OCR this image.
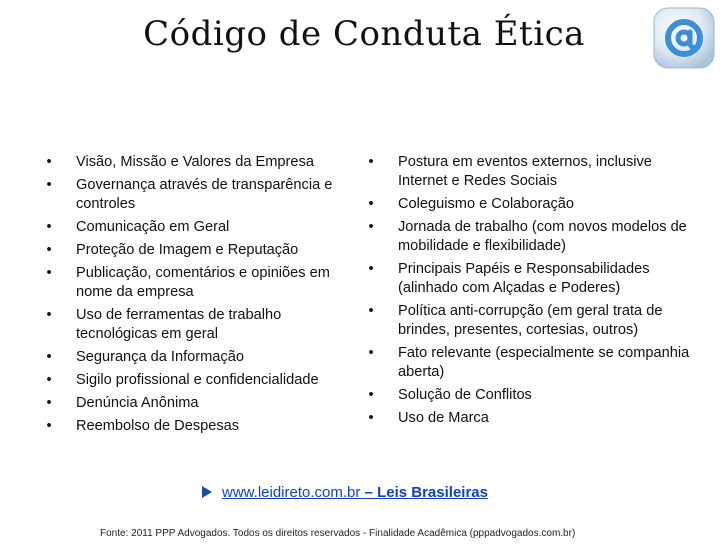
Código de Conduta Ética
•	Visão, Missão e Valores da Empresa
•	Governança através de transparência e controles
•	Comunicação em Geral
•	Proteção de Imagem e Reputação
•	Publicação, comentários e opiniões em nome da empresa
•	Uso de ferramentas de trabalho tecnológicas em geral
•	Segurança da Informação
•	Sigilo profissional e confidencialidade
•	Denúncia Anônima
•	Reembolso de Despesas
•	Postura em eventos externos, inclusive Internet e Redes Sociais
•	Coleguismo e Colaboração
•	Jornada de trabalho (com novos modelos de mobilidade e flexibilidade)
•	Principais Papéis e Responsabilidades (alinhado com Alçadas e Poderes)
•	Política anti-corrupção (em geral trata de brindes, presentes, cortesias, outros)
•	Fato relevante (especialmente se companhia aberta)
•	Solução de Conflitos
•	Uso de Marca
www.leidireto.com.br – Leis Brasileiras
Fonte: 2011 PPP Advogados. Todos os direitos reservados - Finalidade Acadêmica (pppadvogados.com.br)
